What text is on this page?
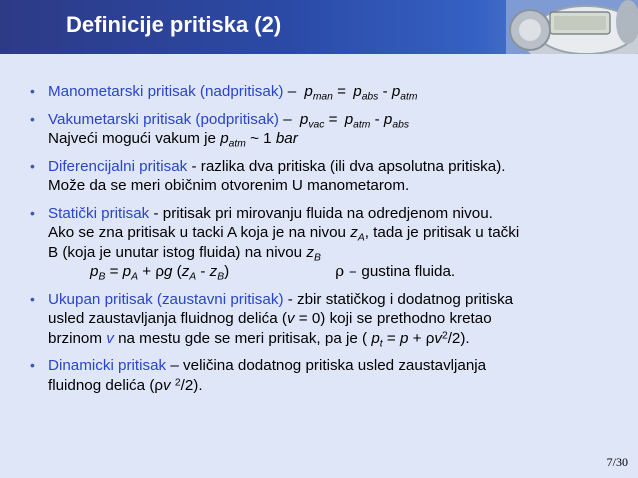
Definicije pritiska (2)
• Manometarski pritisak (nadpritisak) – $p_{man} = p_{abs} - p_{atm}$
• Vakumetarski pritisak (podpritisak) – $p_{vac} = p_{atm} - p_{abs}$
Najveći mogući vakum je $p_{atm}$ ~ 1 bar
• Diferencijalni pritisak - razlika dva pritiska (ili dva apsolutna pritiska).
Može da se meri običnim otvorenim U manometarom.
• Statički pritisak - pritisak pri mirovanju fluida na odredjenom nivou.
Ako se zna pritisak u tacki A koja je na nivou $z_A$, tada je pritisak u tački
B (koja je unutar istog fluida) na nivou $z_B$
$p_B = p_A + \rho g$ $(z_A - z_B)$	ρ – gustina fluida.
• Ukupan pritisak (zaustavni pritisak) - zbir statičkog i dodatnog pritiska
usled zaustavljanja fluidnog delića (v = 0) koji se prethodno kretao
brzinom v na mestu gde se meri pritisak, pa je ( $p_t = p + \rho v^2/2$).
• Dinamicki pritisak – veličina dodatnog pritiska usled zaustavljanja
fluidnog delića (ρv $^2$/2).
7/30
